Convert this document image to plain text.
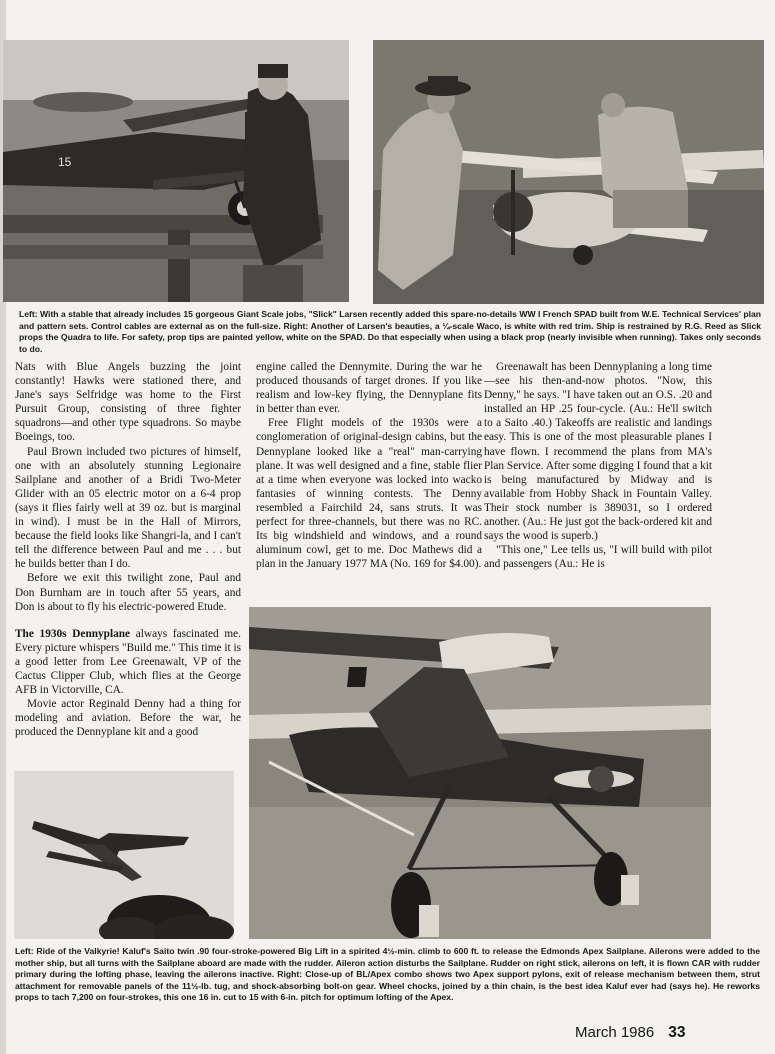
15
Left: With a stable that already includes 15 gorgeous Giant Scale jobs, "Slick" Larsen recently added this spare-no-details WW I French SPAD built from W.E. Technical Services' plan and pattern sets. Control cables are external as on the full-size. Right: Another of Larsen's beauties, a ¼-scale Waco, is white with red trim. Ship is restrained by R.G. Reed as Slick props the Quadra to life. For safety, prop tips are painted yellow, white on the SPAD. Do that especially when using a black prop (nearly invisible when running). Takes only seconds to do.

Nats with Blue Angels buzzing the joint constantly! Hawks were stationed there, and Jane's says Selfridge was home to the First Pursuit Group, consisting of three fighter squadrons—and other type squadrons. So maybe Boeings, too.

Paul Brown included two pictures of himself, one with an absolutely stunning Legionaire Sailplane and another of a Bridi Two-Meter Glider with an 05 electric motor on a 6-4 prop (says it flies fairly well at 39 oz. but is marginal in wind). I must be in the Hall of Mirrors, because the field looks like Shangri-la, and I can't tell the difference between Paul and me . . . but he builds better than I do.

Before we exit this twilight zone, Paul and Don Burnham are in touch after 55 years, and Don is about to fly his electric-powered Etude.

The 1930s Dennyplane always fascinated me. Every picture whispers "Build me." This time it is a good letter from Lee Greenawalt, VP of the Cactus Clipper Club, which flies at the George AFB in Victorville, CA.

Movie actor Reginald Denny had a thing for modeling and aviation. Before the war, he produced the Dennyplane kit and a good

engine called the Dennymite. During the war he produced thousands of target drones. If you like realism and low-key flying, the Dennyplane fits in better than ever.

Free Flight models of the 1930s were a conglomeration of original-design cabins, but the Dennyplane looked like a "real" man-carrying plane. It was well designed and a fine, stable flier at a time when everyone was locked into wacko fantasies of winning contests. The Denny resembled a Fairchild 24, sans struts. It was perfect for three-channels, but there was no RC. Its big windshield and windows, and a round aluminum cowl, get to me. Doc Mathews did a plan in the January 1977 MA (No. 169 for $4.00).

Greenawalt has been Dennyplaning a long time—see his then-and-now photos. "Now, this Denny," he says. "I have taken out an O.S. .20 and installed an HP .25 four-cycle. (Au.: He'll switch to a Saito .40.) Takeoffs are realistic and landings easy. This is one of the most pleasurable planes I have flown. I recommend the plans from MA's Plan Service. After some digging I found that a kit is being manufactured by Midway and is available from Hobby Shack in Fountain Valley. Their stock number is 389031, so I ordered another. (Au.: He just got the back-ordered kit and says the wood is superb.)

"This one," Lee tells us, "I will build with pilot and passengers (Au.: He is

Left: Ride of the Valkyrie! Kaluf's Saito twin .90 four-stroke-powered Big Lift in a spirited 4½-min. climb to 600 ft. to release the Edmonds Apex Sailplane. Ailerons were added to the mother ship, but all turns with the Sailplane aboard are made with the rudder. Aileron action disturbs the Sailplane. Rudder on right stick, ailerons on left, it is flown CAR with rudder primary during the lofting phase, leaving the ailerons inactive. Right: Close-up of BL/Apex combo shows two Apex support pylons, exit of release mechanism between them, strut attachment for removable panels of the 11½-lb. tug, and shock-absorbing bolt-on gear. Wheel chocks, joined by a thin chain, is the best idea Kaluf ever had (says he). He reworks props to tach 7,200 on four-strokes, this one 16 in. cut to 15 with 6-in. pitch for optimum lofting of the Apex.
March 1986 33
